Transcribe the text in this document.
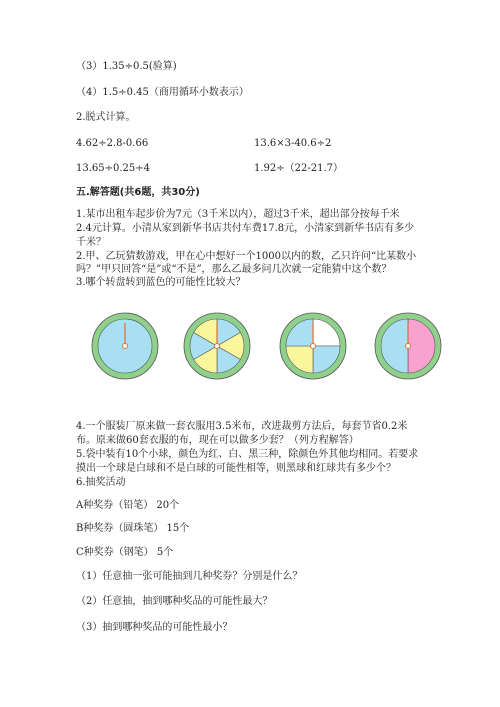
（3）1.35÷0.5(验算)
（4）1.5÷0.45（商用循环小数表示）
2.脱式计算。
4.62÷2.8-0.66	13.6×3-40.6÷2
13.65÷0.25÷4	1.92÷（22-21.7）
五.解答题(共6题，共30分)
1.某市出租车起步价为7元（3千米以内），超过3千米，超出部分按每千米
2.4元计算。小清从家到新华书店共付车费17.8元，小清家到新华书店有多少
千米？
2.甲、乙玩猜数游戏，甲在心中想好一个1000以内的数，乙只许问“比某数小
吗？”甲只回答“是”或“不是”，那么乙最多问几次就一定能猜中这个数？
3.哪个转盘转到蓝色的可能性比较大？
4.一个服装厂原来做一套衣服用3.5米布，改进裁剪方法后，每套节省0.2米
布。原来做60套衣服的布，现在可以做多少套？（列方程解答）
5.袋中装有10个小球，颜色为红、白、黑三种，除颜色外其他均相同。若要求
摸出一个球是白球和不是白球的可能性相等，则黑球和红球共有多少个？
6.抽奖活动
A种奖券（铅笔） 20个
B种奖券（圆珠笔） 15个
C种奖券（钢笔） 5个
（1）任意抽一张可能抽到几种奖券？分别是什么？
（2）任意抽，抽到哪种奖品的可能性最大？
（3）抽到哪种奖品的可能性最小？
